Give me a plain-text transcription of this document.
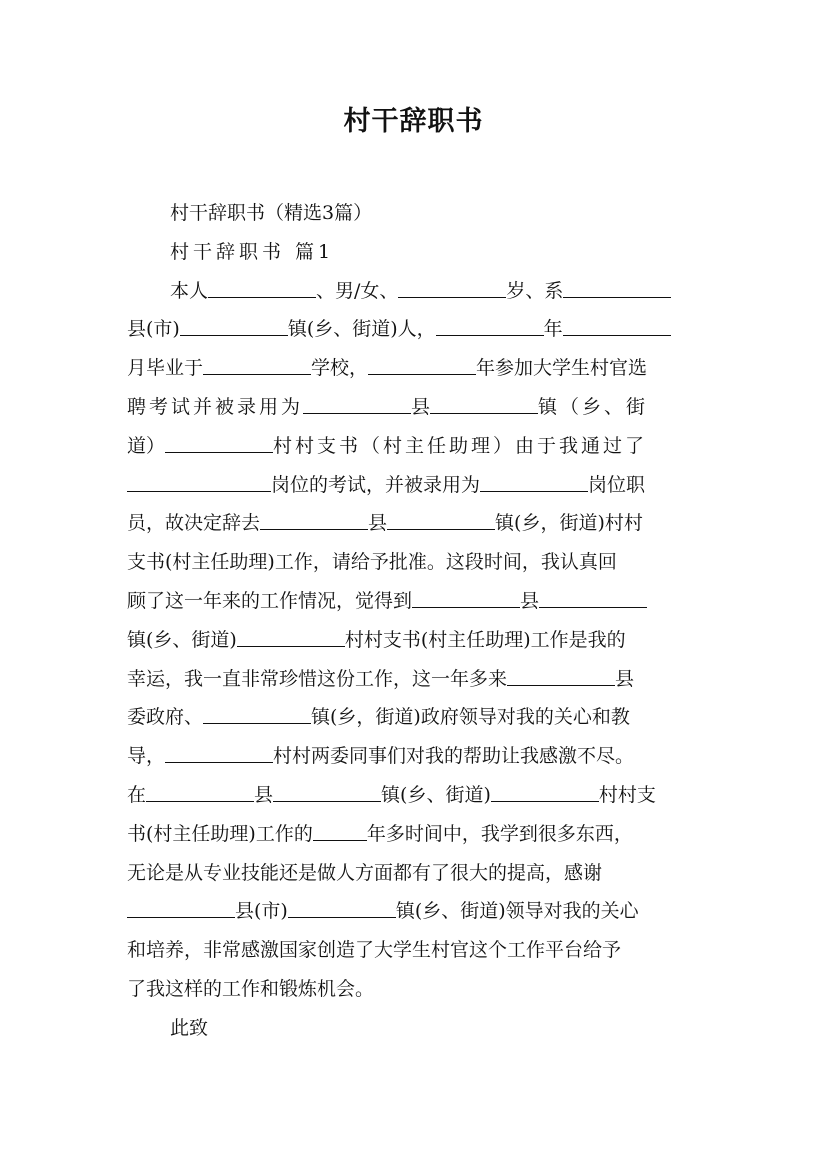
村干辞职书
村干辞职书（精选3篇）
村干辞职书 篇1
本人	、男/女、	岁、系
县(市)	镇(乡、街道)人，	年
月毕业于	学校，	年参加大学生村官选
聘考试并被录用为	县	镇（乡、街
道）	村村支书（村主任助理）由于我通过了
岗位的考试，并被录用为	岗位职
员，故决定辞去	县	镇(乡，街道)村村
支书(村主任助理)工作，请给予批准。这段时间，我认真回
顾了这一年来的工作情况，觉得到	县
镇(乡、街道)	村村支书(村主任助理)工作是我的
幸运，我一直非常珍惜这份工作，这一年多来	县
委政府、	镇(乡，街道)政府领导对我的关心和教
导，	村村两委同事们对我的帮助让我感激不尽。
在	县	镇(乡、街道)	村村支
书(村主任助理)工作的	年多时间中，我学到很多东西，
无论是从专业技能还是做人方面都有了很大的提高，感谢
县(市)	镇(乡、街道)领导对我的关心
和培养，非常感激国家创造了大学生村官这个工作平台给予
了我这样的工作和锻炼机会。
此致
